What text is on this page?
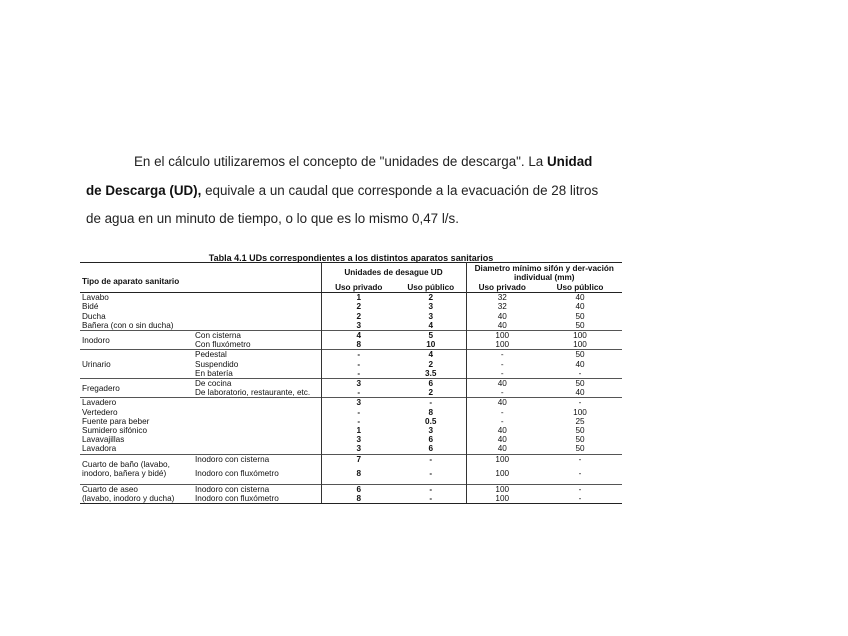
En el cálculo utilizaremos el concepto de "unidades de descarga". La Unidad

de Descarga (UD), equivale a un caudal que corresponde a la evacuación de 28 litros

de agua en un minuto de tiempo, o lo que es lo mismo 0,47 l/s.

Tabla 4.1 UDs correspondientes a los distintos aparatos sanitarios
Tipo de aparato sanitario		Unidades de desague UD		Diametro mínimo sifón y der-vación individual (mm)	
		Uso privado	Uso público	Uso privado	Uso público
Lavabo		1	2	32	40
Bidé		2	3	32	40
Ducha		2	3	40	50
Bañera (con o sin ducha)		3	4	40	50
Inodoro	Con cisterna	4	5	100	100
	Con fluxómetro	8	10	100	100
Urinario	Pedestal	-	4	-	50
	Suspendido	-	2	-	40
	En batería	-	3.5	-	-
Fregadero	De cocina	3	6	40	50
	De laboratorio, restaurante, etc.	-	2	-	40
Lavadero		3	-	40	-
Vertedero		-	8	-	100
Fuente para beber		-	0.5	-	25
Sumidero sifónico		1	3	40	50
Lavavajillas		3	6	40	50
Lavadora		3	6	40	50
Cuarto de baño (lavabo, inodoro, bañera y bidé)	Inodoro con cisterna	7	-	100	-
	Inodoro con fluxómetro	8	-	100	-
Cuarto de aseo	Inodoro con cisterna	6	-	100	-
(lavabo, inodoro y ducha)	Inodoro con fluxómetro	8	-	100	-
